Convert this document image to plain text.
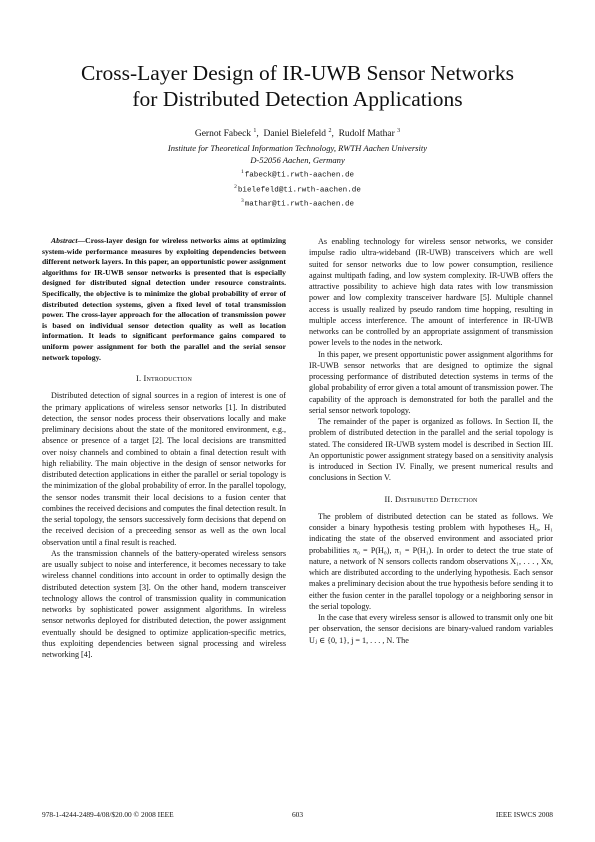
Cross-Layer Design of IR-UWB Sensor Networks
for Distributed Detection Applications
Gernot Fabeck $^1$,  Daniel Bielefeld $^2$,  Rudolf Mathar $^3$
Institute for Theoretical Information Technology, RWTH Aachen University
D-52056 Aachen, Germany
$^1$fabeck@ti.rwth-aachen.de
$^2$bielefeld@ti.rwth-aachen.de
$^3$mathar@ti.rwth-aachen.de

Abstract—Cross-layer design for wireless networks aims at optimizing system-wide performance measures by exploiting dependencies between different network layers. In this paper, an opportunistic power assignment algorithms for IR-UWB sensor networks is presented that is especially designed for distributed signal detection under resource constraints. Specifically, the objective is to minimize the global probability of error of distributed detection systems, given a fixed level of total transmission power. The cross-layer approach for the allocation of transmission power is based on individual sensor detection quality as well as location information. It leads to significant performance gains compared to uniform power assignment for both the parallel and the serial sensor network topology.

I. Introduction

Distributed detection of signal sources in a region of interest is one of the primary applications of wireless sensor networks [1]. In distributed detection, the sensor nodes process their observations locally and make preliminary decisions about the state of the monitored environment, e.g., absence or presence of a target [2]. The local decisions are transmitted over noisy channels and combined to obtain a final detection result with high reliability. The main objective in the design of sensor networks for distributed detection applications in either the parallel or serial topology is the minimization of the global probability of error. In the parallel topology, the sensor nodes transmit their local decisions to a fusion center that combines the received decisions and computes the final detection result. In the serial topology, the sensors successively form decisions that depend on the received decision of a preceeding sensor as well as the own local observation until a final result is reached.

As the transmission channels of the battery-operated wireless sensors are usually subject to noise and interference, it becomes necessary to take wireless channel conditions into account in order to optimally design the distributed detection system [3]. On the other hand, modern transceiver technology allows the control of transmission quality in communication networks by sophisticated power assignment algorithms. In wireless sensor networks deployed for distributed detection, the power assignment eventually should be designed to optimize application-specific metrics, thus exploiting dependencies between signal processing and wireless networking [4].

As enabling technology for wireless sensor networks, we consider impulse radio ultra-wideband (IR-UWB) transceivers which are well suited for sensor networks due to low power consumption, resilience against multipath fading, and low system complexity. IR-UWB offers the attractive possibility to achieve high data rates with low transmission power and low complexity transceiver hardware [5]. Multiple channel access is usually realized by pseudo random time hopping, resulting in multiple access interference. The amount of interference in IR-UWB networks can be controlled by an appropriate assignment of transmission power levels to the nodes in the network.

In this paper, we present opportunistic power assignment algorithms for IR-UWB sensor networks that are designed to optimize the signal processing performance of distributed detection systems in terms of the global probability of error given a total amount of transmission power. The capability of the approach is demonstrated for both the parallel and the serial sensor network topology.

The remainder of the paper is organized as follows. In Section II, the problem of distributed detection in the parallel and the serial topology is stated. The considered IR-UWB system model is described in Section III. An opportunistic power assignment strategy based on a sensitivity analysis is introduced in Section IV. Finally, we present numerical results and conclusions in Section V.

II. Distributed Detection

The problem of distributed detection can be stated as follows. We consider a binary hypothesis testing problem with hypotheses H₀, H₁ indicating the state of the observed environment and associated prior probabilities π₀ = P(H₀), π₁ = P(H₁). In order to detect the true state of nature, a network of N sensors collects random observations X₁, . . . , Xɴ, which are distributed according to the underlying hypothesis. Each sensor makes a preliminary decision about the true hypothesis before sending it to either the fusion center in the parallel topology or a neighboring sensor in the serial topology.

In the case that every wireless sensor is allowed to transmit only one bit per observation, the sensor decisions are binary-valued random variables Uⱼ ∈ {0, 1}, j = 1, . . . , N. The

978-1-4244-2489-4/08/$20.00 © 2008 IEEE	603	IEEE ISWCS 2008
